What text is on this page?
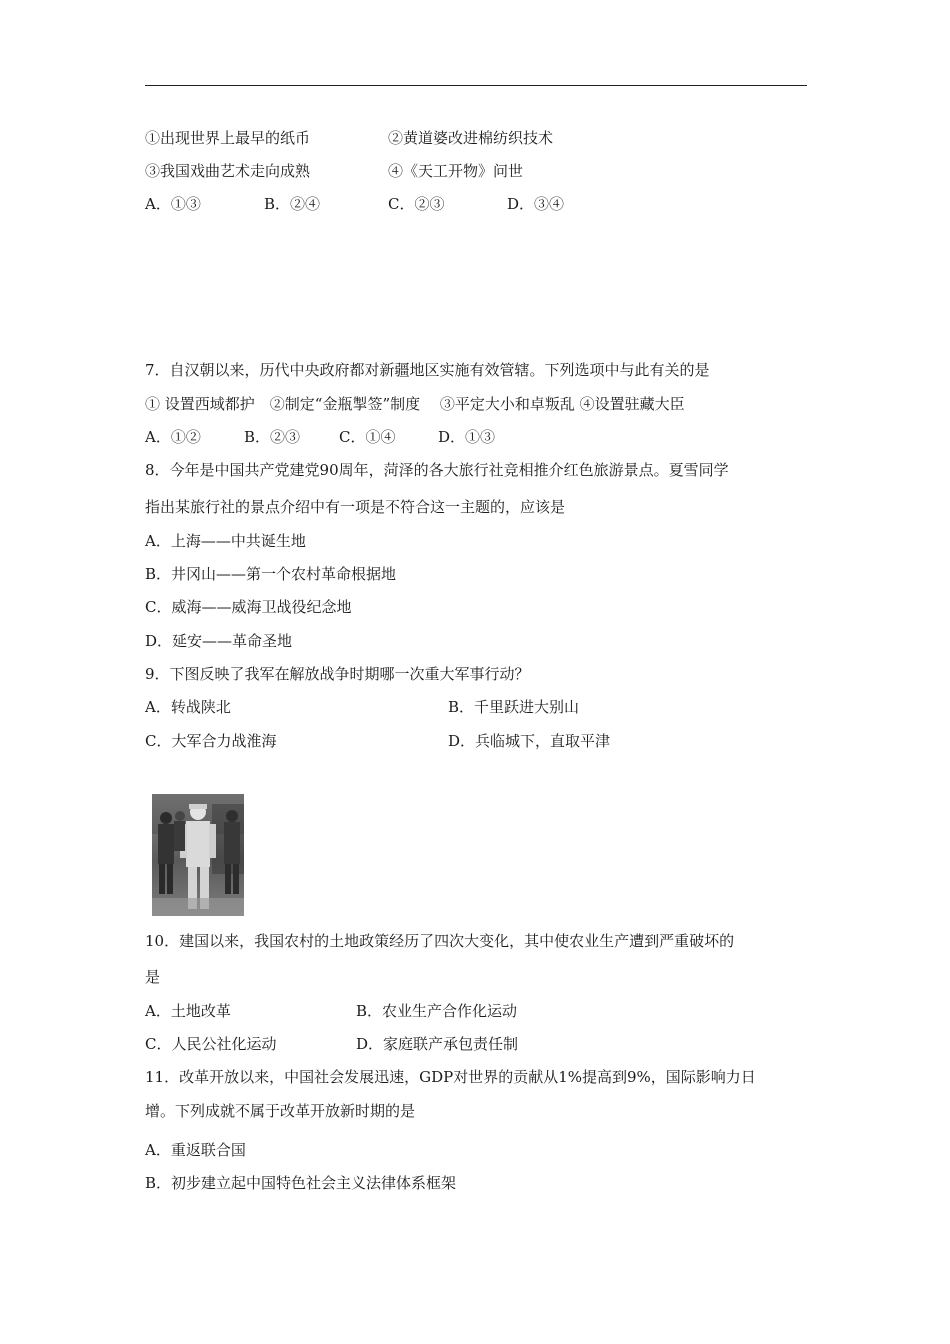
①出现世界上最早的纸币	②黄道婆改进棉纺织技术
③我国戏曲艺术走向成熟	④《天工开物》问世
A．①③	B．②④	C．②③	D．③④
7．自汉朝以来，历代中央政府都对新疆地区实施有效管辖。下列选项中与此有关的是
① 设置西域都护　②制定“金瓶掣签”制度　 ③平定大小和卓叛乱 ④设置驻藏大臣
A．①②	B．②③	C．①④	D．①③
8．今年是中国共产党建党90周年，菏泽的各大旅行社竞相推介红色旅游景点。夏雪同学
指出某旅行社的景点介绍中有一项是不符合这一主题的，应该是
A．上海——中共诞生地
B．井冈山——第一个农村革命根据地
C．威海——威海卫战役纪念地
D．延安——革命圣地
9．下图反映了我军在解放战争时期哪一次重大军事行动？
A．转战陕北	B．千里跃进大别山
C．大军合力战淮海	D．兵临城下，直取平津
10．建国以来，我国农村的土地政策经历了四次大变化，其中使农业生产遭到严重破坏的
是
A．土地改革	B．农业生产合作化运动
C．人民公社化运动	D．家庭联产承包责任制
11．改革开放以来，中国社会发展迅速，GDP对世界的贡献从1%提高到9%，国际影响力日
增。下列成就不属于改革开放新时期的是
A．重返联合国
B．初步建立起中国特色社会主义法律体系框架
